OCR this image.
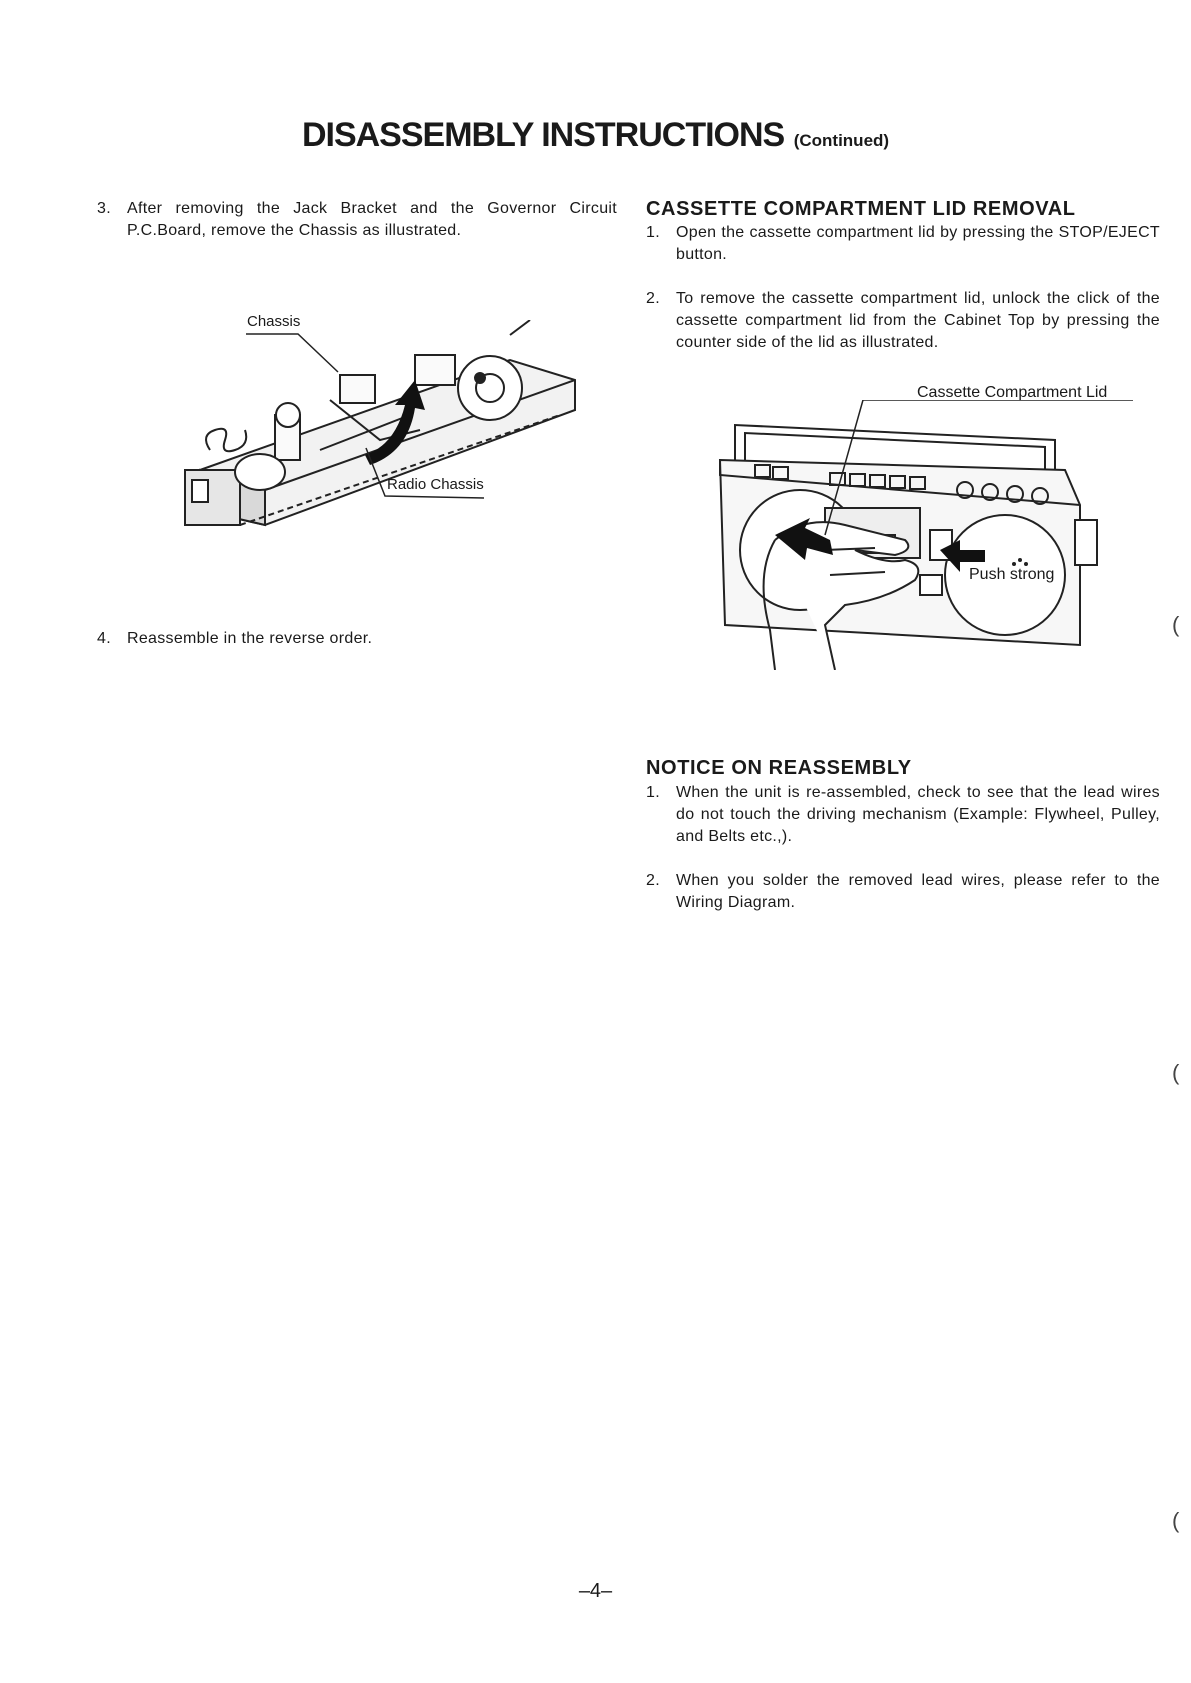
DISASSEMBLY INSTRUCTIONS (Continued)
3. After removing the Jack Bracket and the Governor Circuit P.C.Board, remove the Chassis as illustrated.
Chassis
Radio Chassis
4. Reassemble in the reverse order.
CASSETTE COMPARTMENT LID REMOVAL
1. Open the cassette compartment lid by pressing the STOP/EJECT button.
2. To remove the cassette compartment lid, unlock the click of the cassette compartment lid from the Cabinet Top by pressing the counter side of the lid as illustrated.
Cassette Compartment Lid
Push strong
NOTICE ON REASSEMBLY
1. When the unit is re-assembled, check to see that the lead wires do not touch the driving mechanism (Example: Flywheel, Pulley, and Belts etc.,).
2. When you solder the removed lead wires, please refer to the Wiring Diagram.
(
(
(
–4–
